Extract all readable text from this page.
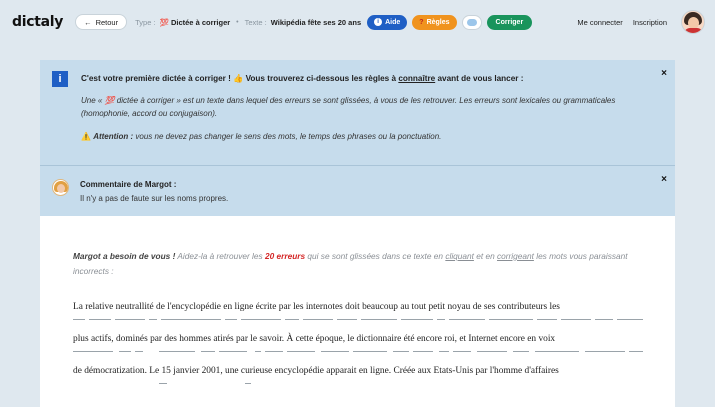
dictaly	← Retour Type : 💯 Dictée à corriger • Texte : Wikipédia fête ses 20 ans	i Aide	? Règles	Corriger	Me connecter Inscription
i	×
C'est votre première dictée à corriger ! 👍 Vous trouverez ci-dessous les règles à connaître avant de vous lancer :
Une « 💯 dictée à corriger » est un texte dans lequel des erreurs se sont glissées, à vous de les retrouver. Les erreurs sont lexicales ou grammaticales (homophonie, accord ou conjugaison).
⚠️ Attention : vous ne devez pas changer le sens des mots, le temps des phrases ou la ponctuation.
×
Commentaire de Margot :
Il n'y a pas de faute sur les noms propres.
Margot a besoin de vous ! Aidez-la à retrouver les 20 erreurs qui se sont glissées dans ce texte en cliquant et en corrigeant les mots vous paraissant incorrects :
La relative neutrallité de l'encyclopédie en ligne écrite par les internotes doit beaucoup au tout petit noyau de ses contributeurs les
plus actifs, dominés par des hommes atirés par le savoir. À cette époque, le dictionnaire été encore roi, et Internet encore en voix
de démocratization. Le 15 janvier 2001, une curieuse encyclopédie apparait en ligne. Créée aux Etats-Unis par l'homme d'affaires
